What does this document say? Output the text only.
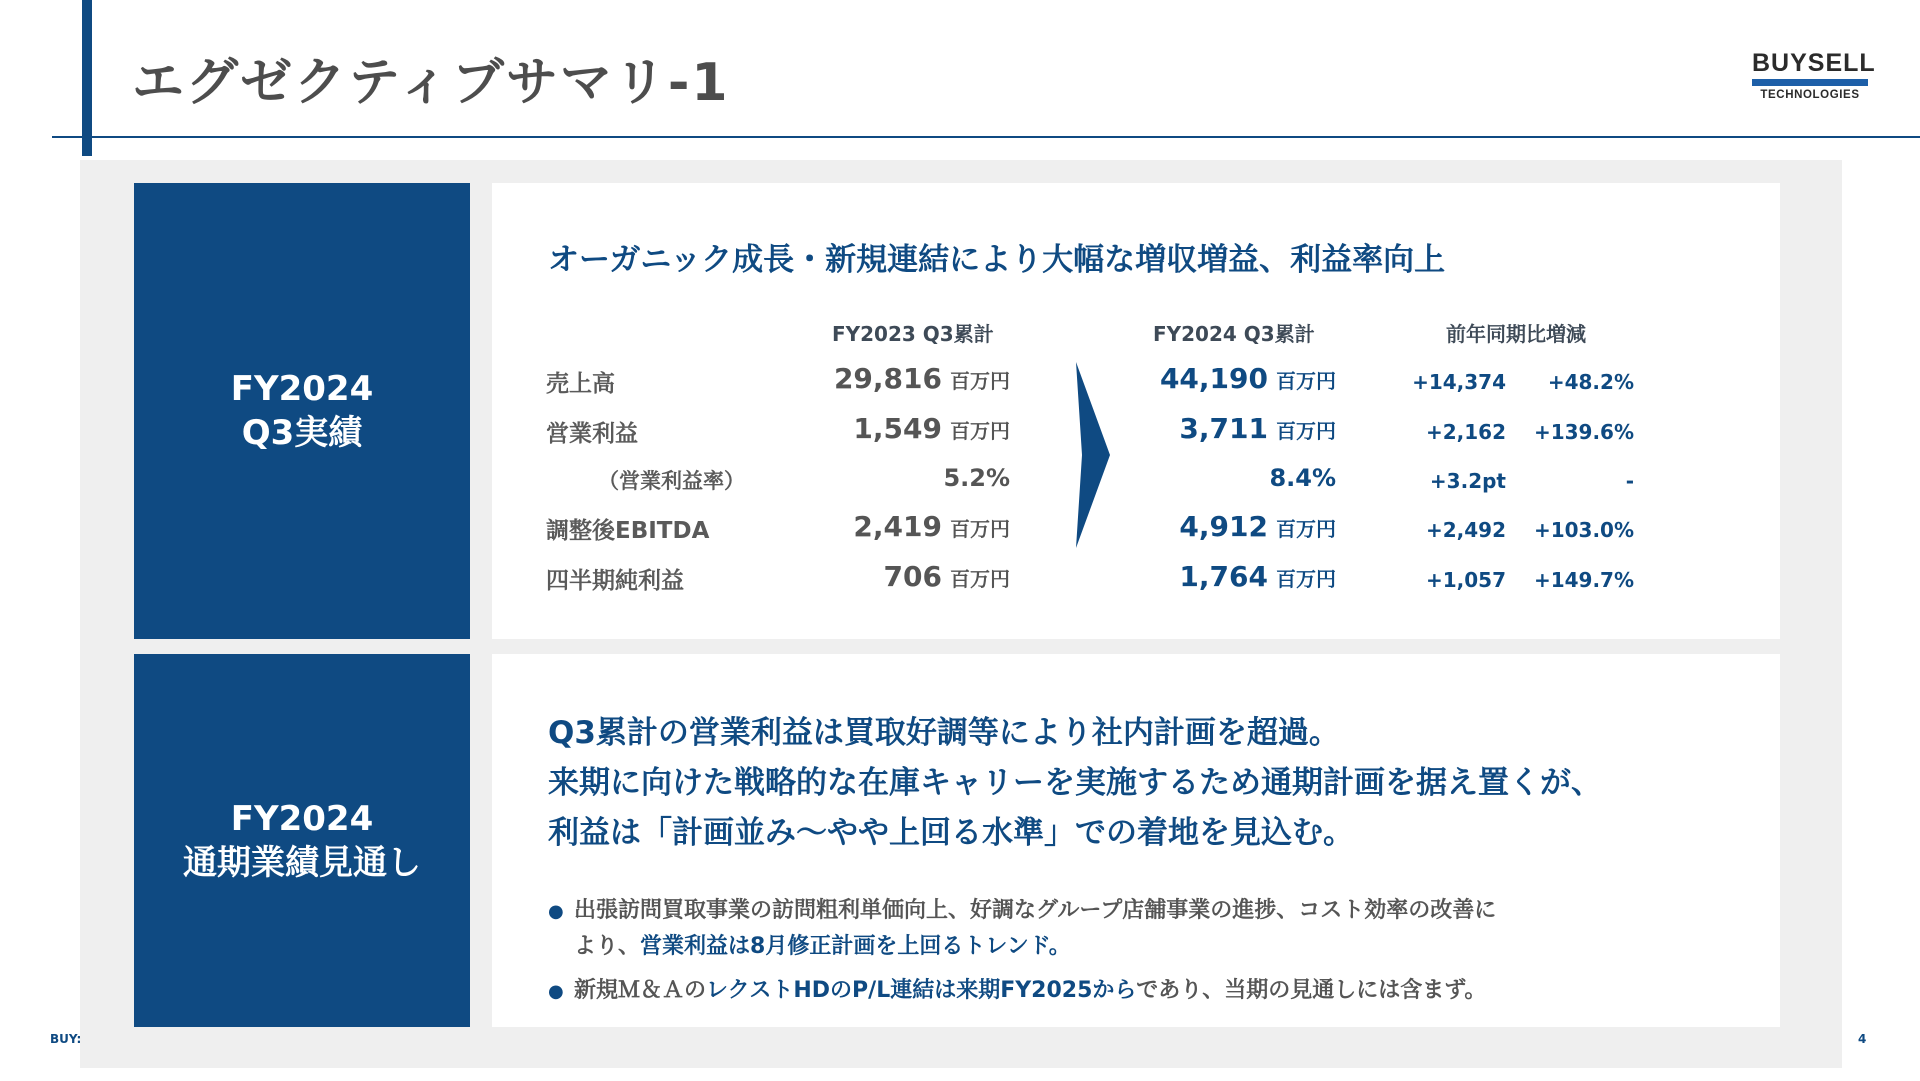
エグゼクティブサマリ-1	BUYSELL
TECHNOLOGIES
FY2024
Q3実績
オーガニック成長・新規連結により大幅な増収増益、利益率向上
FY2023 Q3累計	FY2024 Q3累計	前年同期比増減
売上高	29,816 百万円	44,190 百万円	+14,374 +48.2%
営業利益	1,549 百万円	3,711 百万円	+2,162 +139.6%
（営業利益率）	5.2%	8.4%	+3.2pt	-
調整後EBITDA	2,419 百万円	4,912 百万円	+2,492 +103.0%
四半期純利益	706 百万円	1,764 百万円	+1,057 +149.7%
FY2024
通期業績見通し
Q3累計の営業利益は買取好調等により社内計画を超過。
来期に向けた戦略的な在庫キャリーを実施するため通期計画を据え置くが、
利益は「計画並み～やや上回る水準」での着地を見込む。
● 出張訪問買取事業の訪問粗利単価向上、好調なグループ店舗事業の進捗、コスト効率の改善に
より、営業利益は8月修正計画を上回るトレンド。
● 新規Ｍ＆ＡのレクストHDのP/L連結は来期FY2025からであり、当期の見通しには含まず。
BUY:	4
